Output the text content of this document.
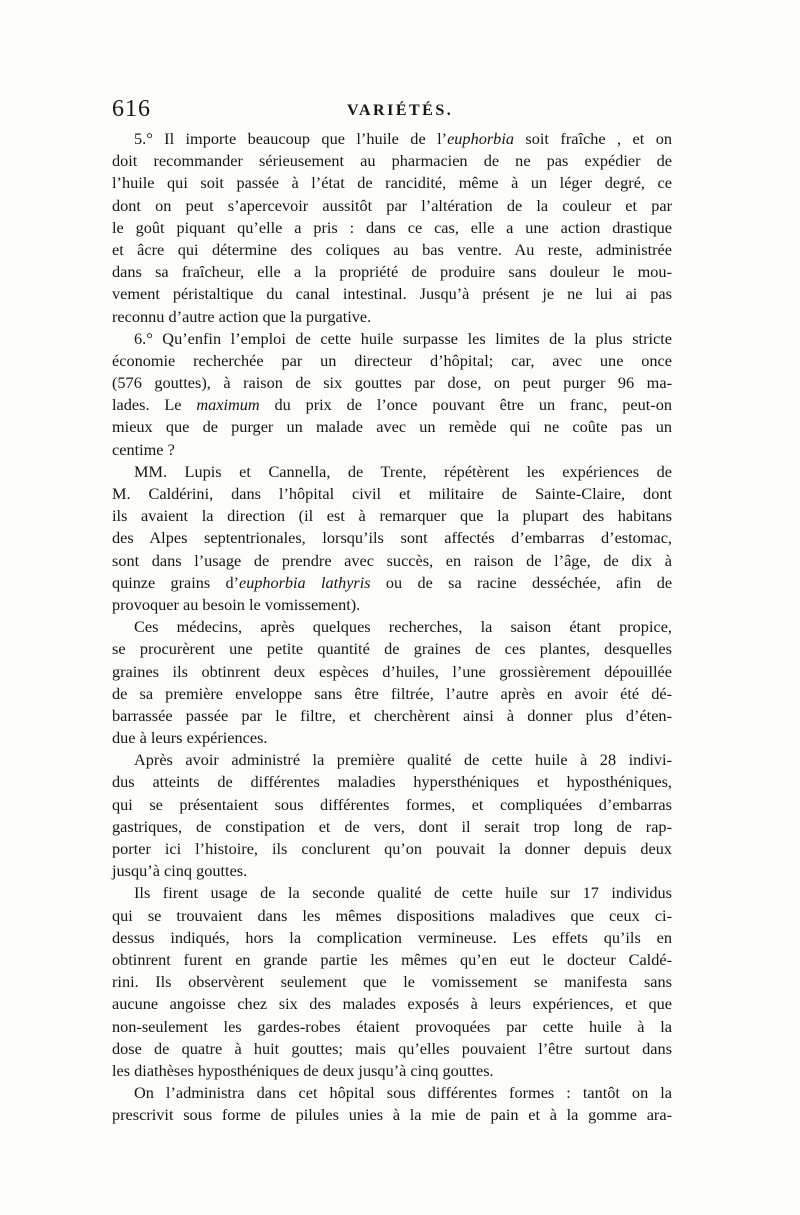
616	VARIÉTÉS.
5.° Il importe beaucoup que l’huile de l’euphorbia soit fraîche , et on
doit recommander sérieusement au pharmacien de ne pas expédier de
l’huile qui soit passée à l’état de rancidité, même à un léger degré, ce
dont on peut s’apercevoir aussitôt par l’altération de la couleur et par
le goût piquant qu’elle a pris : dans ce cas, elle a une action drastique
et âcre qui détermine des coliques au bas ventre. Au reste, administrée
dans sa fraîcheur, elle a la propriété de produire sans douleur le mou-
vement péristaltique du canal intestinal. Jusqu’à présent je ne lui ai pas
reconnu d’autre action que la purgative.
6.° Qu’enfin l’emploi de cette huile surpasse les limites de la plus stricte
économie recherchée par un directeur d’hôpital; car, avec une once
(576 gouttes), à raison de six gouttes par dose, on peut purger 96 ma-
lades. Le maximum du prix de l’once pouvant être un franc, peut-on
mieux que de purger un malade avec un remède qui ne coûte pas un
centime ?
MM. Lupis et Cannella, de Trente, répétèrent les expériences de
M. Caldérini, dans l’hôpital civil et militaire de Sainte-Claire, dont
ils avaient la direction (il est à remarquer que la plupart des habitans
des Alpes septentrionales, lorsqu’ils sont affectés d’embarras d’estomac,
sont dans l’usage de prendre avec succès, en raison de l’âge, de dix à
quinze grains d’euphorbia lathyris ou de sa racine desséchée, afin de
provoquer au besoin le vomissement).
Ces médecins, après quelques recherches, la saison étant propice,
se procurèrent une petite quantité de graines de ces plantes, desquelles
graines ils obtinrent deux espèces d’huiles, l’une grossièrement dépouillée
de sa première enveloppe sans être filtrée, l’autre après en avoir été dé-
barrassée passée par le filtre, et cherchèrent ainsi à donner plus d’éten-
due à leurs expériences.
Après avoir administré la première qualité de cette huile à 28 indivi-
dus atteints de différentes maladies hypersthéniques et hyposthéniques,
qui se présentaient sous différentes formes, et compliquées d’embarras
gastriques, de constipation et de vers, dont il serait trop long de rap-
porter ici l’histoire, ils conclurent qu’on pouvait la donner depuis deux
jusqu’à cinq gouttes.
Ils firent usage de la seconde qualité de cette huile sur 17 individus
qui se trouvaient dans les mêmes dispositions maladives que ceux ci-
dessus indiqués, hors la complication vermineuse. Les effets qu’ils en
obtinrent furent en grande partie les mêmes qu’en eut le docteur Caldé-
rini. Ils observèrent seulement que le vomissement se manifesta sans
aucune angoisse chez six des malades exposés à leurs expériences, et que
non-seulement les gardes-robes étaient provoquées par cette huile à la
dose de quatre à huit gouttes; mais qu’elles pouvaient l’être surtout dans
les diathèses hyposthéniques de deux jusqu’à cinq gouttes.
On l’administra dans cet hôpital sous différentes formes : tantôt on la
prescrivit sous forme de pilules unies à la mie de pain et à la gomme ara-
